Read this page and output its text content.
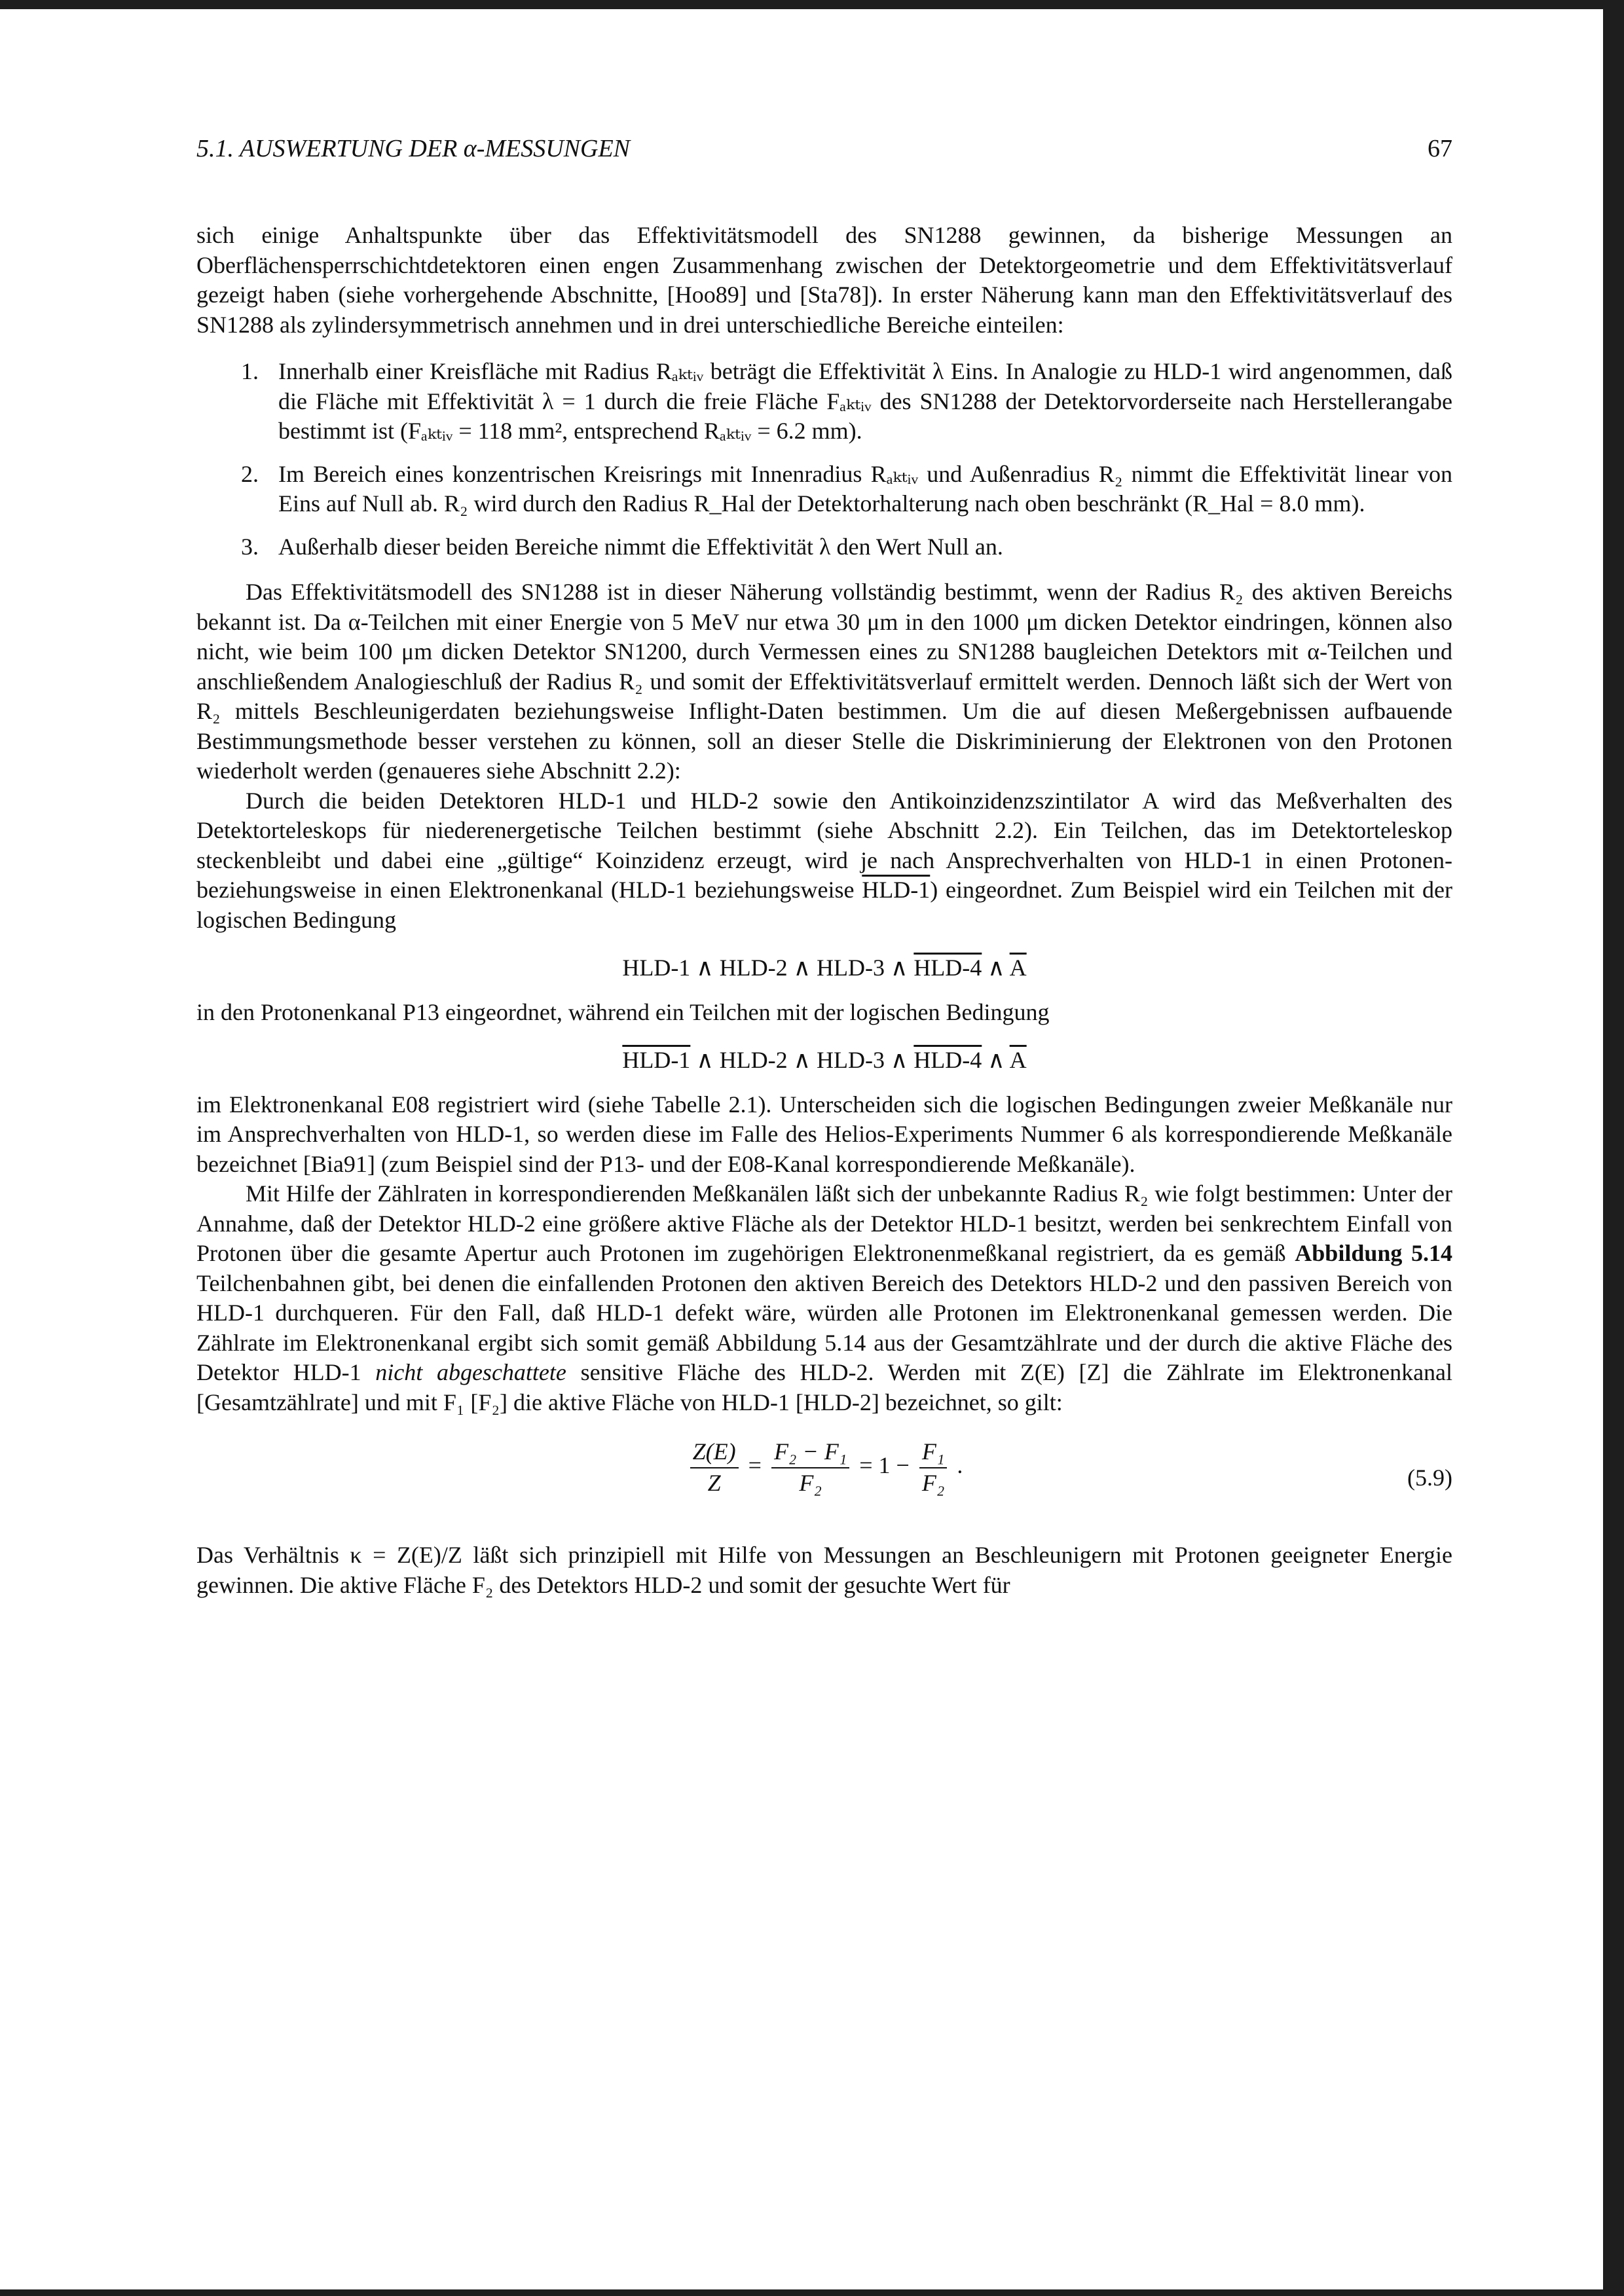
5.1. AUSWERTUNG DER α-MESSUNGEN	67

sich einige Anhaltspunkte über das Effektivitätsmodell des SN1288 gewinnen, da bisherige Messungen an Oberflächensperrschichtdetektoren einen engen Zusammenhang zwischen der Detektorgeometrie und dem Effektivitätsverlauf gezeigt haben (siehe vorhergehende Abschnitte, [Hoo89] und [Sta78]). In erster Näherung kann man den Effektivitätsverlauf des SN1288 als zylindersymmetrisch annehmen und in drei unterschiedliche Bereiche einteilen:

1. Innerhalb einer Kreisfläche mit Radius Rₐₖₜᵢᵥ beträgt die Effektivität λ Eins. In Analogie zu HLD-1 wird angenommen, daß die Fläche mit Effektivität λ = 1 durch die freie Fläche Fₐₖₜᵢᵥ des SN1288 der Detektorvorderseite nach Herstellerangabe bestimmt ist (Fₐₖₜᵢᵥ = 118 mm², entsprechend Rₐₖₜᵢᵥ = 6.2 mm).
2. Im Bereich eines konzentrischen Kreisrings mit Innenradius Rₐₖₜᵢᵥ und Außenradius R₂ nimmt die Effektivität linear von Eins auf Null ab. R₂ wird durch den Radius R_Hal der Detektorhalterung nach oben beschränkt (R_Hal = 8.0 mm).
3. Außerhalb dieser beiden Bereiche nimmt die Effektivität λ den Wert Null an.

Das Effektivitätsmodell des SN1288 ist in dieser Näherung vollständig bestimmt, wenn der Radius R₂ des aktiven Bereichs bekannt ist. Da α-Teilchen mit einer Energie von 5 MeV nur etwa 30 μm in den 1000 μm dicken Detektor eindringen, können also nicht, wie beim 100 μm dicken Detektor SN1200, durch Vermessen eines zu SN1288 baugleichen Detektors mit α-Teilchen und anschließendem Analogieschluß der Radius R₂ und somit der Effektivitätsverlauf ermittelt werden. Dennoch läßt sich der Wert von R₂ mittels Beschleunigerdaten beziehungsweise Inflight-Daten bestimmen. Um die auf diesen Meßergebnissen aufbauende Bestimmungsmethode besser verstehen zu können, soll an dieser Stelle die Diskriminierung der Elektronen von den Protonen wiederholt werden (genaueres siehe Abschnitt 2.2):

Durch die beiden Detektoren HLD-1 und HLD-2 sowie den Antikoinzidenzszintilator A wird das Meßverhalten des Detektorteleskops für niederenergetische Teilchen bestimmt (siehe Abschnitt 2.2). Ein Teilchen, das im Detektorteleskop steckenbleibt und dabei eine „gültige“ Koinzidenz erzeugt, wird je nach Ansprechverhalten von HLD-1 in einen Protonen- beziehungsweise in einen Elektronenkanal (HLD-1 beziehungsweise HLD-1) eingeordnet. Zum Beispiel wird ein Teilchen mit der logischen Bedingung

HLD-1 ∧ HLD-2 ∧ HLD-3 ∧ HLD-4 ∧ $\overline{A}$

in den Protonenkanal P13 eingeordnet, während ein Teilchen mit der logischen Bedingung

HLD-1 ∧ HLD-2 ∧ HLD-3 ∧ HLD-4 ∧ $\overline{A}$

im Elektronenkanal E08 registriert wird (siehe Tabelle 2.1). Unterscheiden sich die logischen Bedingungen zweier Meßkanäle nur im Ansprechverhalten von HLD-1, so werden diese im Falle des Helios-Experiments Nummer 6 als korrespondierende Meßkanäle bezeichnet [Bia91] (zum Beispiel sind der P13- und der E08-Kanal korrespondierende Meßkanäle).

Mit Hilfe der Zählraten in korrespondierenden Meßkanälen läßt sich der unbekannte Radius R₂ wie folgt bestimmen: Unter der Annahme, daß der Detektor HLD-2 eine größere aktive Fläche als der Detektor HLD-1 besitzt, werden bei senkrechtem Einfall von Protonen über die gesamte Apertur auch Protonen im zugehörigen Elektronenmeßkanal registriert, da es gemäß Abbildung 5.14 Teilchenbahnen gibt, bei denen die einfallenden Protonen den aktiven Bereich des Detektors HLD-2 und den passiven Bereich von HLD-1 durchqueren. Für den Fall, daß HLD-1 defekt wäre, würden alle Protonen im Elektronenkanal gemessen werden. Die Zählrate im Elektronenkanal ergibt sich somit gemäß Abbildung 5.14 aus der Gesamtzählrate und der durch die aktive Fläche des Detektor HLD-1 nicht abgeschattete sensitive Fläche des HLD-2. Werden mit Z(E) [Z] die Zählrate im Elektronenkanal [Gesamtzählrate] und mit F₁ [F₂] die aktive Fläche von HLD-1 [HLD-2] bezeichnet, so gilt:

$\frac{Z(E)}{Z} = \frac{\text{F₂ − F₁}}{\text{F₂}} = 1 - \frac{\text{F₁}}{\text{F₂}}$ .	(5.9)

Das Verhältnis κ = Z(E)/Z läßt sich prinzipiell mit Hilfe von Messungen an Beschleunigern mit Protonen geeigneter Energie gewinnen. Die aktive Fläche F₂ des Detektors HLD-2 und somit der gesuchte Wert für
